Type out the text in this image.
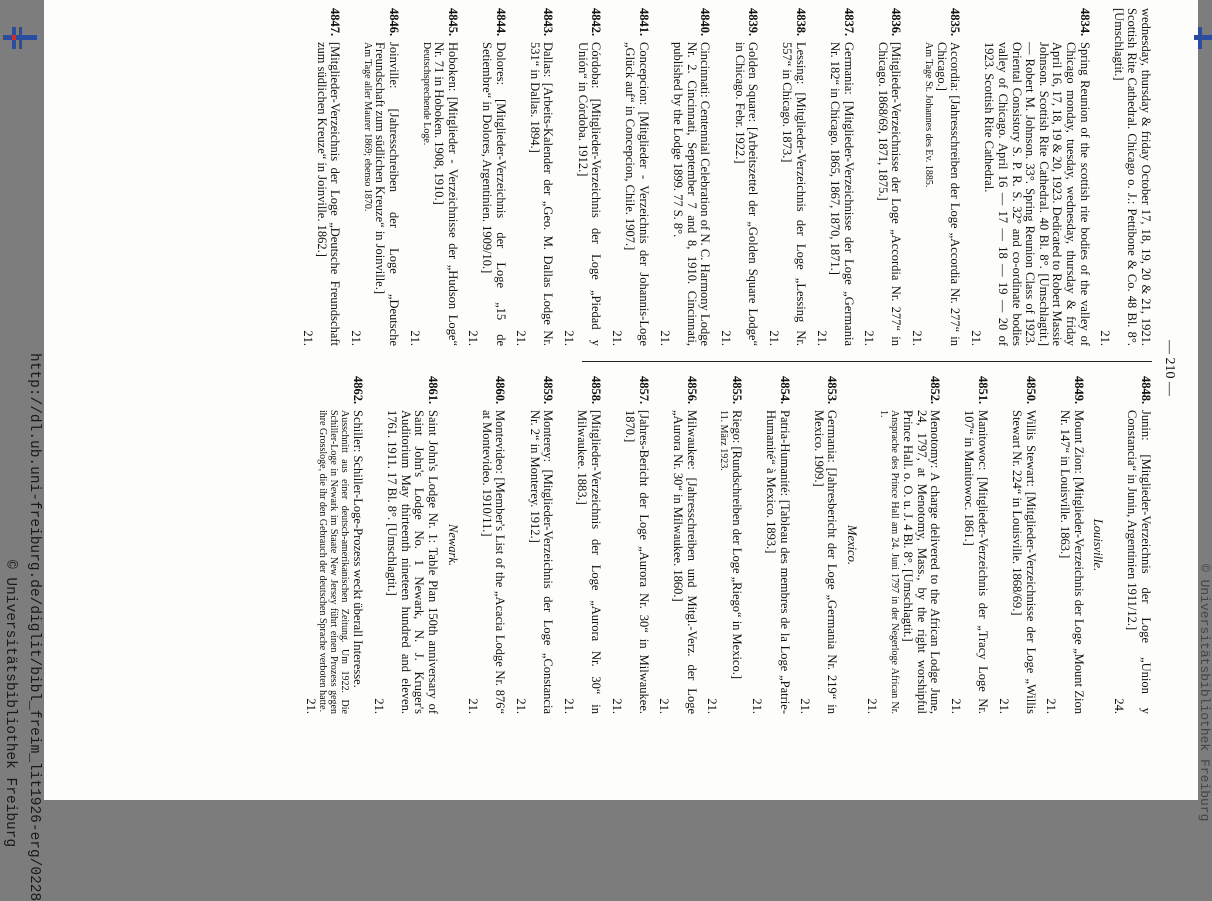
— 210 —
wednesday, thursday & friday October 17, 18, 19, 20 & 21, 1921. Scottish Rite Cathedral. Chicago o. J.: Pettibone & Co. 48 Bl. 8°. [Umschlagtit.]
21.
4834.
Spring Reunion of the scottish rite bodies of the valley of Chicago monday, tuesday, wednesday, thursday & friday April 16, 17, 18, 19 & 20, 1923. Dedicated to Robert Massie Johnson. Scottish Rite Cathedral. 40 Bl. 8°. [Umschlagtit.] — Robert M. Johnson. 33°. Spring Reunion Class of 1923. Oriental Consistory S. P. R. S. 32° and co-ordinate bodies valley of Chicago. April 16 — 17 — 18 — 19 — 20 of 1923. Scottish Rite Cathedral.
21.
4835.
Accordia: [Jahresschreiben der Loge „Accordia Nr. 277“ in Chicago.]
Am Tage St. Johannes des Ev. 1885.
21.
4836.
[Mitglieder-Verzeichnisse der Loge „Accordia Nr. 277“ in Chicago. 1868/69, 1871, 1875.]
21.
4837.
Germania: [Mitglieder-Verzeichnisse der Loge „Germania Nr. 182“ in Chicago. 1865, 1867, 1870, 1871.]
21.
4838.
Lessing: [Mitglieder-Verzeichnis der Loge „Lessing Nr. 557“ in Chicago. 1873.]
21.
4839.
Golden Square: [Arbeitszettel der „Golden Square Lodge“ in Chicago. Febr. 1922.]
21.
4840.
Cincinnati: Centennial Celebration of N. C. Harmony Lodge Nr. 2. Cincinnati, September 7 and 8, 1910. Cincinnati, published by the Lodge 1899. 77 S. 8°.
21.
4841.
Concepcion: [Mitglieder - Verzeichnis der Johannis-Loge „Glück auf“ in Concepcion, Chile. 1907.]
21.
4842.
Córdoba: [Mitglieder-Verzeichnis der Loge „Piedad y Unión“ in Córdoba. 1912.]
21.
4843.
Dallas: [Arbeits-Kalender der „Geo. M. Dallas Lodge Nr. 531“ in Dallas. 1894.]
21.
4844.
Dolores: [Mitglieder-Verzeichnis der Loge „15 de Setiembre“ in Dolores, Argentinien. 1909/10.]
21.
4845.
Hoboken: [Mitglieder - Verzeichnisse der „Hudson Loge“ Nr. 71 in Hoboken. 1908, 1910.]
Deutschsprechende Loge.
21.
4846.
Joinville: [Jahresschreiben der Loge „Deutsche Freundschaft zum südlichen Kreuze“ in Joinville.]
Am Tage aller Maurer 1869; ebenso 1870.
21.
4847.
[Mitglieder-Verzeichnis der Loge „Deutsche Freundschaft zum südlichen Kreuze“ in Joinville. 1862.]
21.
4848.
Junin: [Mitglieder-Verzeichnis der Loge „Union y Constancia“ in Junin, Argentinien 1911/12.]
24.
Louisville.
4849.
Mount Zion: [Mitglieder-Verzeichnis der Loge „Mount Zion Nr. 147“ in Louisville. 1863.]
21.
4850.
Willis Stewart: [Mitglieder-Verzeichnisse der Loge „Willis Stewart Nr. 224“ in Louisville. 1868/69.]
21.
4851.
Manitowoc: [Mitglieder-Verzeichnis der „Tracy Loge Nr. 107“ in Manitowoc. 1861.]
21.
4852.
Menotomy: A charge delivered to the African Lodge June, 24, 1797, at Menotomy, Mass., by the right worshipful Prince Hall. o. O. u. J. 4 Bl. 8°. [Umschlagtit.]
Ansprache des Prince Hall am 24. Juni 1797 in der Negerloge African Nr. 1.
21.
Mexico.
4853.
Germania: [Jahresbericht der Loge „Germania Nr. 219“ in Mexico. 1909.]
21.
4854.
Patria-Humanité: [Tableau des membres de la Loge „Patrie-Humanité“ à Mexico. 1893.]
21.
4855.
Riego: [Rundschreiben der Loge „Riego“ in Mexico.]
11. März 1923.
21.
4856.
Milwaukee: [Jahresschreiben und Mitgl.-Verz. der Loge „Aurora Nr. 30“ in Milwaukee. 1860.]
21.
4857.
[Jahres-Bericht der Loge „Aurora Nr. 30“ in Milwaukee. 1870.]
21.
4858.
[Mitglieder-Verzeichnis der Loge „Aurora Nr. 30“ in Milwaukee. 1883.]
21.
4859.
Monterey: [Mitglieder-Verzeichnis der Loge „Constancia Nr. 2“ in Monterey. 1912.]
21.
4860.
Montevideo: [Member's List of the „Acacia Lodge Nr. 876“ at Montevideo. 1910/11.]
21.
Newark.
4861.
Saint John's Lodge Nr. 1: Table Plan 150th anniversary of Saint John's Lodge No. 1 Newark, N. J. Kruger's Auditorium May thirteenth nineteen hundred and eleven. 1761. 1911. 17 Bl. 8°. [Umschlagtit.]
21.
4862.
Schiller: Schiller-Loge-Prozess weckt überall Interesse.
Ausschnitt aus einer deutsch-amerikanischen Zeitung. Um 1922. Die Schiller-Loge in Newark im Staate New Jersey führt einen Prozess gegen ihre Grossloge, die ihr den Gebrauch der deutschen Sprache verboten hatte.
21.
http://dl.ub.uni-freiburg.de/diglit/bibl_freim_lit1926-erg/0228
© Universitätsbibliothek Freiburg	© Universitätsbibliothek Freiburg
